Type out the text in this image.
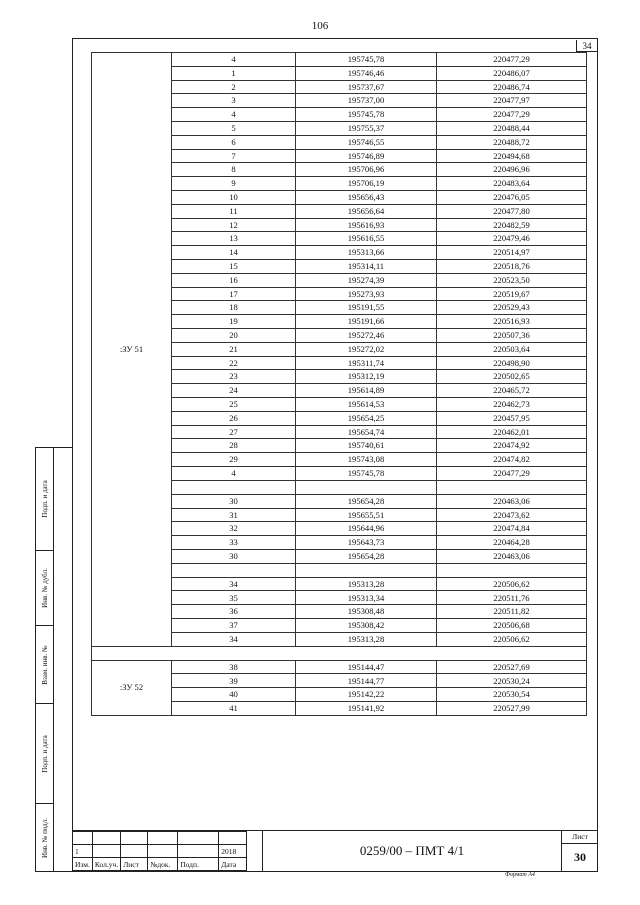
106
34
:ЗУ 51	4	195745,78	220477,29
	1	195746,46	220486,07
	2	195737,67	220486,74
	3	195737,00	220477,97
	4	195745,78	220477,29
	5	195755,37	220488,44
	6	195746,55	220488,72
	7	195746,89	220494,68
	8	195706,96	220496,96
	9	195706,19	220483,64
	10	195656,43	220476,05
	11	195656,64	220477,80
	12	195616,93	220482,59
	13	195616,55	220479,46
	14	195313,66	220514,97
	15	195314,11	220518,76
	16	195274,39	220523,50
	17	195273,93	220519,67
	18	195191,55	220529,43
	19	195191,66	220516,93
	20	195272,46	220507,36
	21	195272,02	220503,64
	22	195311,74	220498,90
	23	195312,19	220502,65
	24	195614,89	220465,72
	25	195614,53	220462,73
	26	195654,25	220457,95
	27	195654,74	220462,01
	28	195740,61	220474,92
	29	195743,08	220474,82
	4	195745,78	220477,29

	30	195654,28	220463,06
	31	195655,51	220473,62
	32	195644,96	220474,84
	33	195643,73	220464,28
	30	195654,28	220463,06

	34	195313,28	220506,62
	35	195313,34	220511,76
	36	195308,48	220511,82
	37	195308,42	220506,68
	34	195313,28	220506,62

:ЗУ 52	38	195144,47	220527,69
	39	195144,77	220530,24
	40	195142,22	220530,54
	41	195141,92	220527,99
Подп. и дата
Инв. № дубл.
Взам. инв. №
Подп. и дата
Инв. № подл.
						1					2018
Изм.	Кол.уч.	Лист	№док.	Подп.	Дата
0259/00 – ПМТ 4/1
Лист
30
Формат А4
